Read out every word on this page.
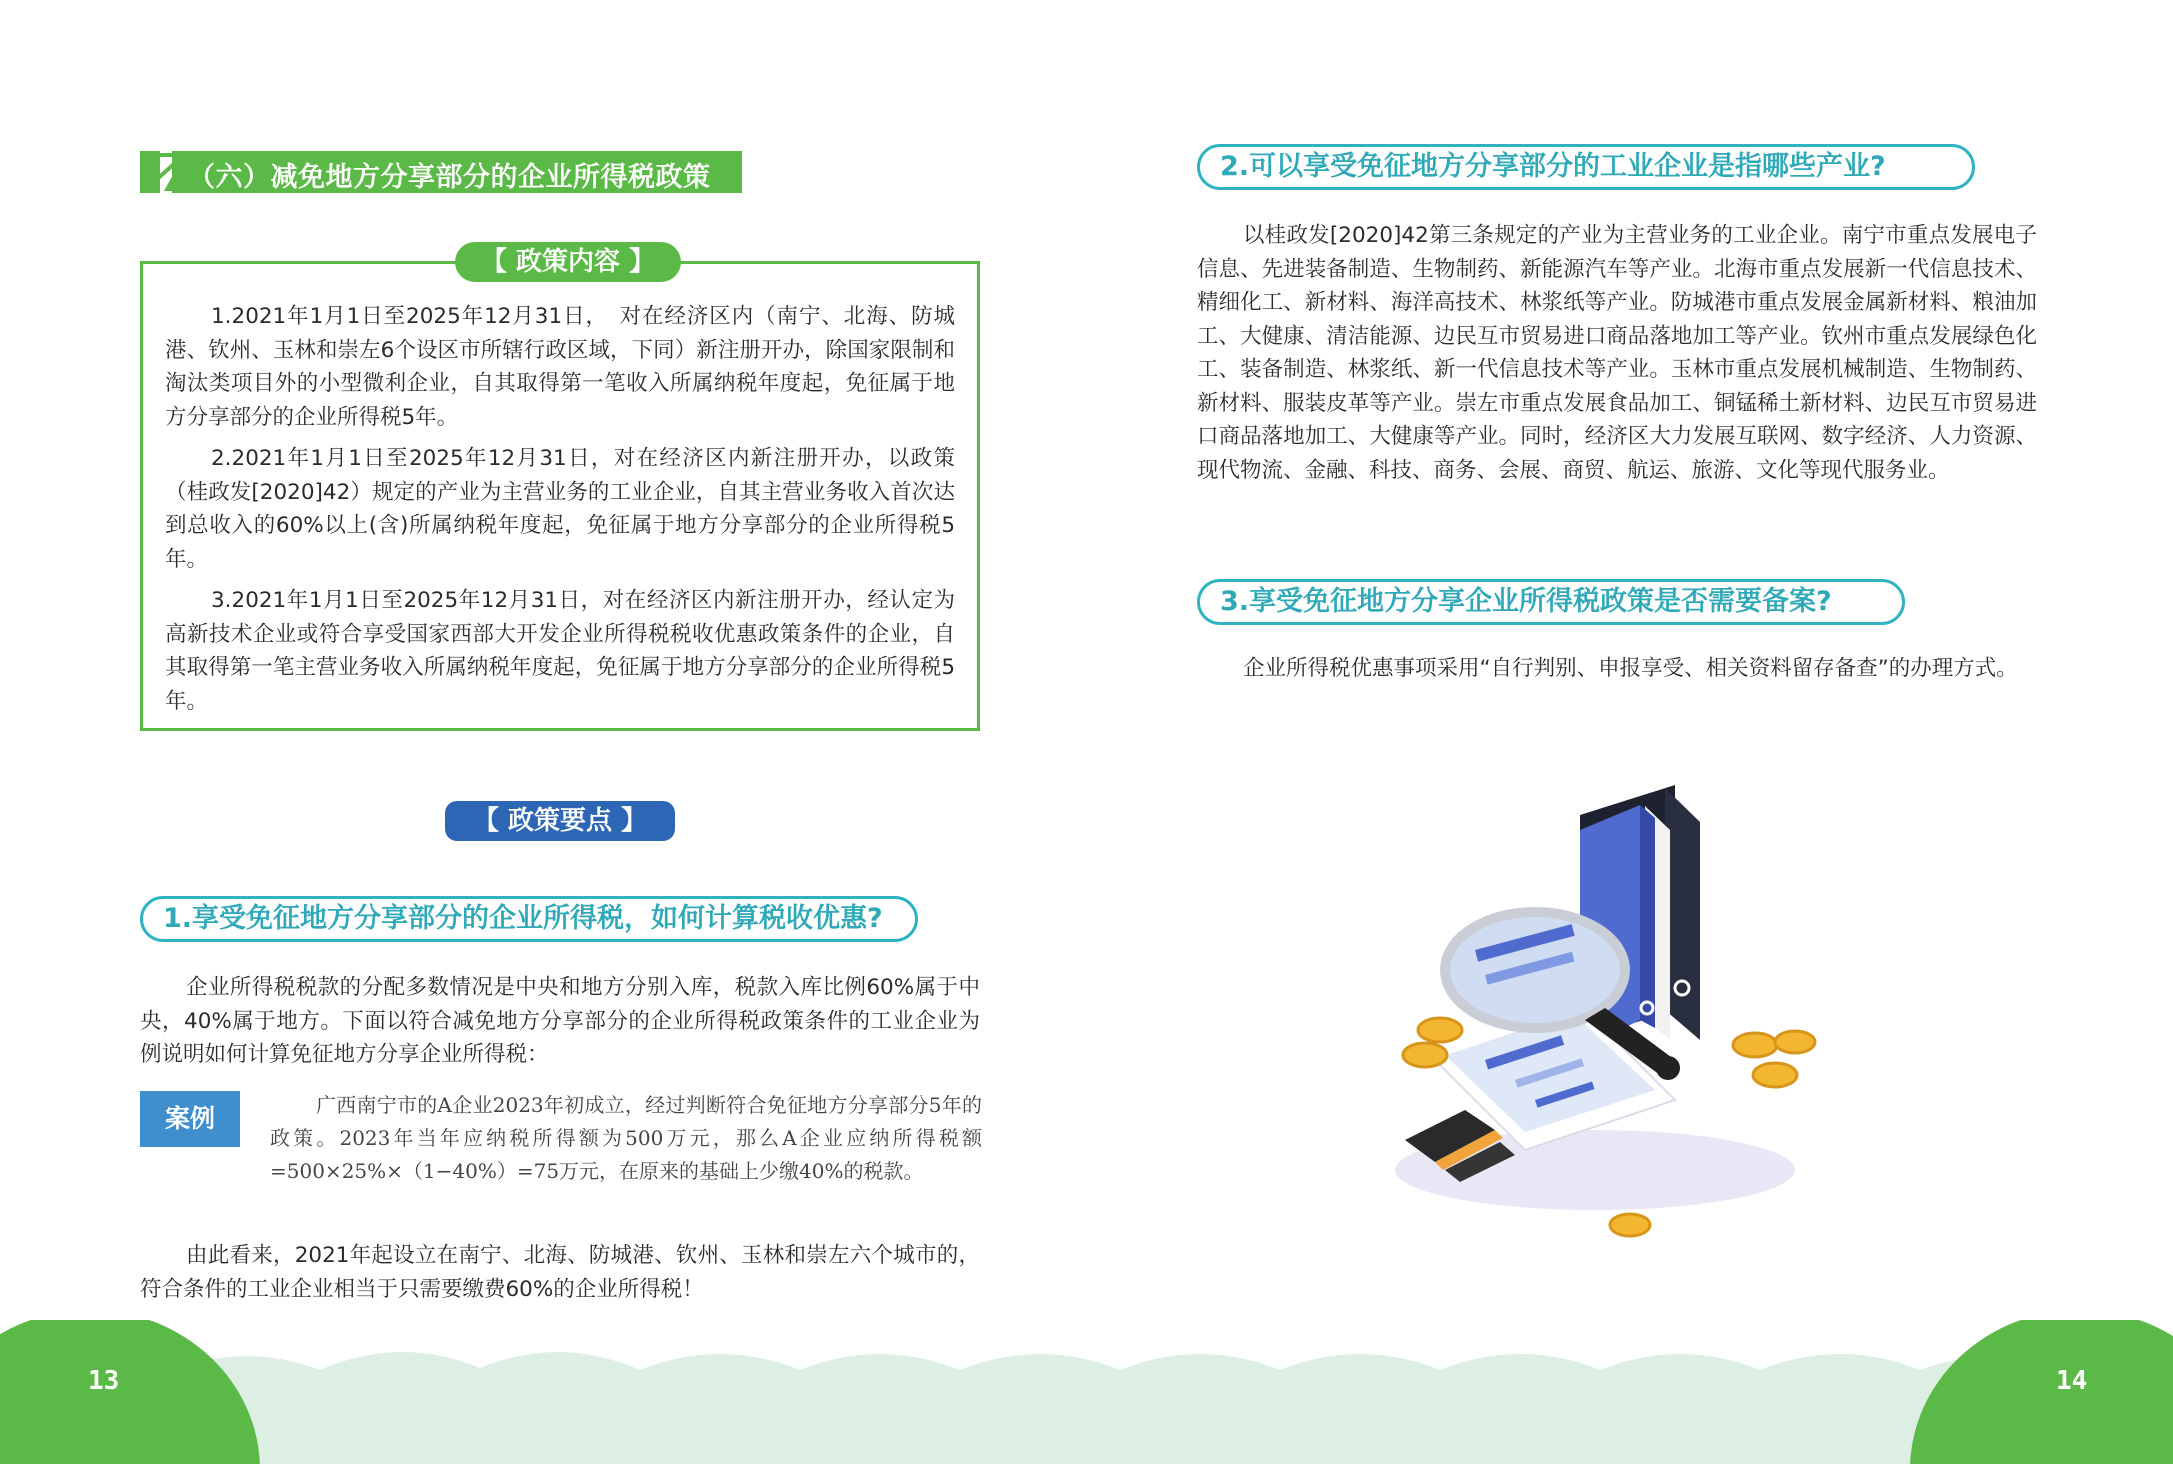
（六）减免地方分享部分的企业所得税政策
【 政策内容 】

1.2021年1月1日至2025年12月31日，　对在经济区内（南宁、北海、防城港、钦州、玉林和崇左6个设区市所辖行政区域，下同）新注册开办，除国家限制和淘汰类项目外的小型微利企业，自其取得第一笔收入所属纳税年度起，免征属于地方分享部分的企业所得税5年。

2.2021年1月1日至2025年12月31日，对在经济区内新注册开办，以政策（桂政发[2020]42）规定的产业为主营业务的工业企业，自其主营业务收入首次达到总收入的60%以上(含)所属纳税年度起，免征属于地方分享部分的企业所得税5年。

3.2021年1月1日至2025年12月31日，对在经济区内新注册开办，经认定为高新技术企业或符合享受国家西部大开发企业所得税税收优惠政策条件的企业，自其取得第一笔主营业务收入所属纳税年度起，免征属于地方分享部分的企业所得税5年。

【 政策要点 】
1.享受免征地方分享部分的企业所得税，如何计算税收优惠?
企业所得税税款的分配多数情况是中央和地方分别入库，税款入库比例60%属于中央，40%属于地方。下面以符合减免地方分享部分的企业所得税政策条件的工业企业为例说明如何计算免征地方分享企业所得税：
案例	广西南宁市的A企业2023年初成立，经过判断符合免征地方分享部分5年的政策。2023年当年应纳税所得额为500万元，那么A企业应纳所得税额=500×25%×（1−40%）=75万元，在原来的基础上少缴40%的税款。
由此看来，2021年起设立在南宁、北海、防城港、钦州、玉林和崇左六个城市的，符合条件的工业企业相当于只需要缴费60%的企业所得税！
2.可以享受免征地方分享部分的工业企业是指哪些产业?
以桂政发[2020]42第三条规定的产业为主营业务的工业企业。南宁市重点发展电子信息、先进装备制造、生物制药、新能源汽车等产业。北海市重点发展新一代信息技术、精细化工、新材料、海洋高技术、林浆纸等产业。防城港市重点发展金属新材料、粮油加工、大健康、清洁能源、边民互市贸易进口商品落地加工等产业。钦州市重点发展绿色化工、装备制造、林浆纸、新一代信息技术等产业。玉林市重点发展机械制造、生物制药、新材料、服装皮革等产业。崇左市重点发展食品加工、铜锰稀土新材料、边民互市贸易进口商品落地加工、大健康等产业。同时，经济区大力发展互联网、数字经济、人力资源、现代物流、金融、科技、商务、会展、商贸、航运、旅游、文化等现代服务业。
3.享受免征地方分享企业所得税政策是否需要备案?
企业所得税优惠事项采用“自行判别、申报享受、相关资料留存备查”的办理方式。
13	14
